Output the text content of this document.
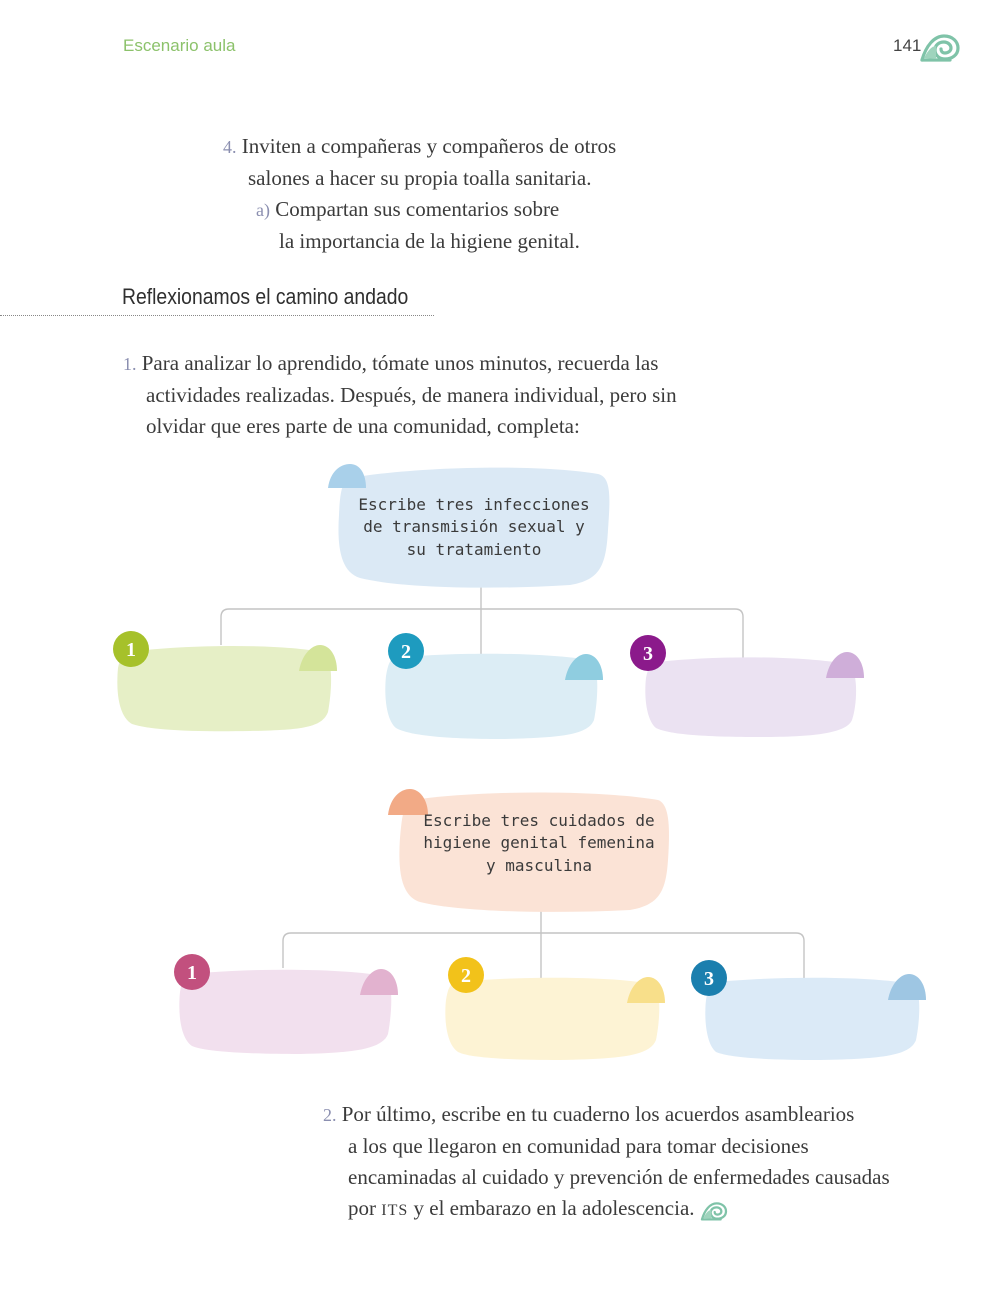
Escenario aula	141

4. Inviten a compañeras y compañeros de otros

salones a hacer su propia toalla sanitaria.

a) Compartan sus comentarios sobre

la importancia de la higiene genital.

Reflexionamos el camino andado

1. Para analizar lo aprendido, tómate unos minutos, recuerda las

actividades realizadas. Después, de manera individual, pero sin

olvidar que eres parte de una comunidad, completa:

Escribe tres infecciones
de transmisión sexual y
su tratamiento
1	2	3
Escribe tres cuidados de
higiene genital femenina
y masculina
1	2	3

2. Por último, escribe en tu cuaderno los acuerdos asamblearios

a los que llegaron en comunidad para tomar decisiones

encaminadas al cuidado y prevención de enfermedades causadas

por ITS y el embarazo en la adolescencia.
